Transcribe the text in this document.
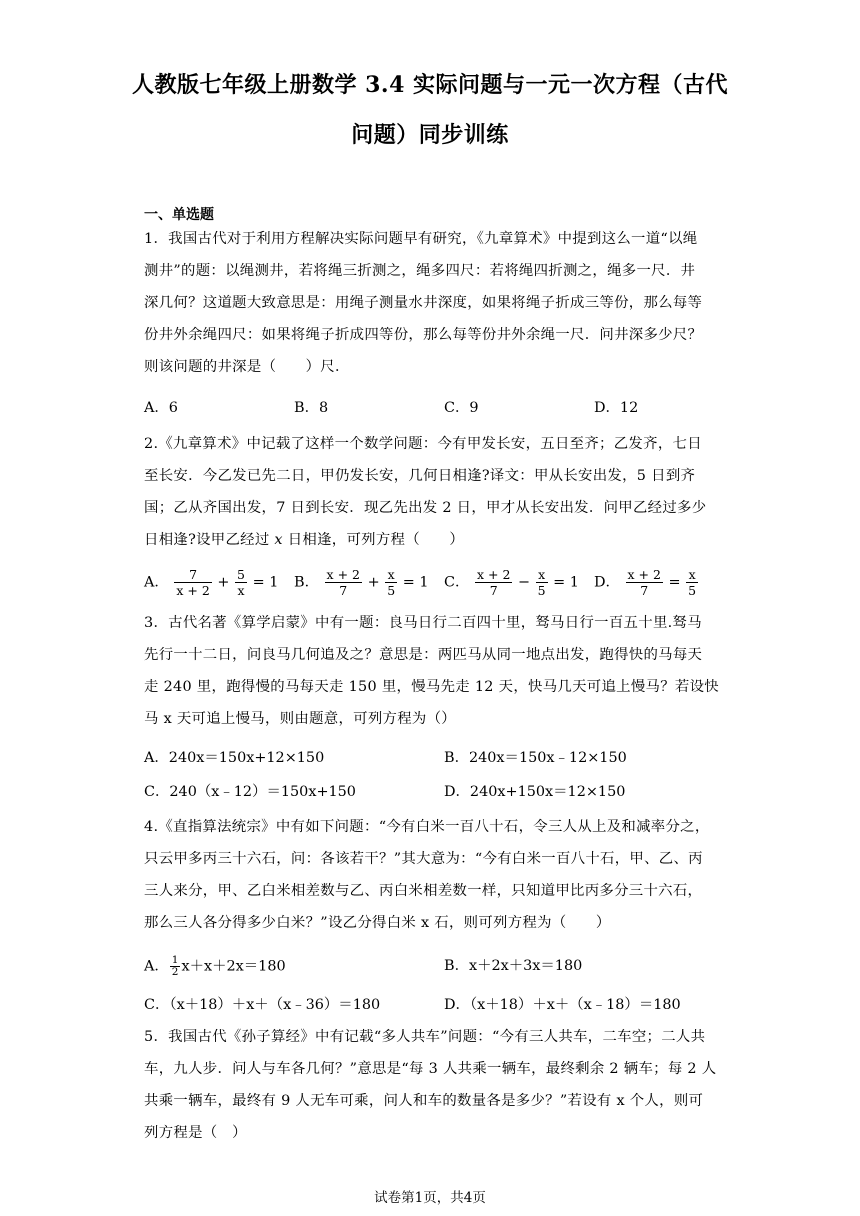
人教版七年级上册数学 3.4 实际问题与一元一次方程（古代
问题）同步训练
一、单选题
1．我国古代对于利用方程解决实际问题早有研究，《九章算术》中提到这么一道“以绳
测井”的题：以绳测井，若将绳三折测之，绳多四尺：若将绳四折测之，绳多一尺．井
深几何？这道题大致意思是：用绳子测量水井深度，如果将绳子折成三等份，那么每等
份井外余绳四尺：如果将绳子折成四等份，那么每等份井外余绳一尺．问井深多少尺？
则该问题的井深是（　　）尺．
A．6	B．8	C．9	D．12
2.《九章算术》中记载了这样一个数学问题：今有甲发长安，五日至齐；乙发齐，七日
至长安．今乙发已先二日，甲仍发长安，几何日相逢?译文：甲从长安出发，5 日到齐
国；乙从齐国出发，7 日到长安．现乙先出发 2 日，甲才从长安出发．问甲乙经过多少
日相逢?设甲乙经过 x 日相逢，可列方程（　　）
A． $\frac{7}{x + 2} + \frac{5}{x} = 1$ B． $\frac{x + 2}{7} + \frac{x}{5} = 1$ C． $\frac{x + 2}{7} - \frac{x}{5} = 1$ D． $\frac{x + 2}{7} = \frac{x}{5}$
3．古代名著《算学启蒙》中有一题：良马日行二百四十里，驽马日行一百五十里.驽马
先行一十二日，问良马几何追及之？意思是：两匹马从同一地点出发，跑得快的马每天
走 240 里，跑得慢的马每天走 150 里，慢马先走 12 天，快马几天可追上慢马？若设快
马 x 天可追上慢马，则由题意，可列方程为（）
A．240x＝150x+12×150	B．240x＝150x﹣12×150
C．240（x﹣12）＝150x+150	D．240x+150x＝12×150
4.《直指算法统宗》中有如下问题：“今有白米一百八十石，令三人从上及和减率分之，
只云甲多丙三十六石，问：各该若干？”其大意为：“今有白米一百八十石，甲、乙、丙
三人来分，甲、乙白米相差数与乙、丙白米相差数一样，只知道甲比丙多分三十六石，
那么三人各分得多少白米？”设乙分得白米 x 石，则可列方程为（　　）
A． $\frac{1}{2} x+x+2x=180$	B．x＋2x＋3x＝180
C．（x＋18）＋x＋（x﹣36）＝180	D．（x＋18）＋x＋（x﹣18）＝180
5．我国古代《孙子算经》中有记载“多人共车”问题：“今有三人共车，二车空；二人共
车，九人步．问人与车各几何？”意思是“每 3 人共乘一辆车，最终剩余 2 辆车；每 2 人
共乘一辆车，最终有 9 人无车可乘，问人和车的数量各是多少？”若设有 x 个人，则可
列方程是（　）
试卷第1页，共4页
